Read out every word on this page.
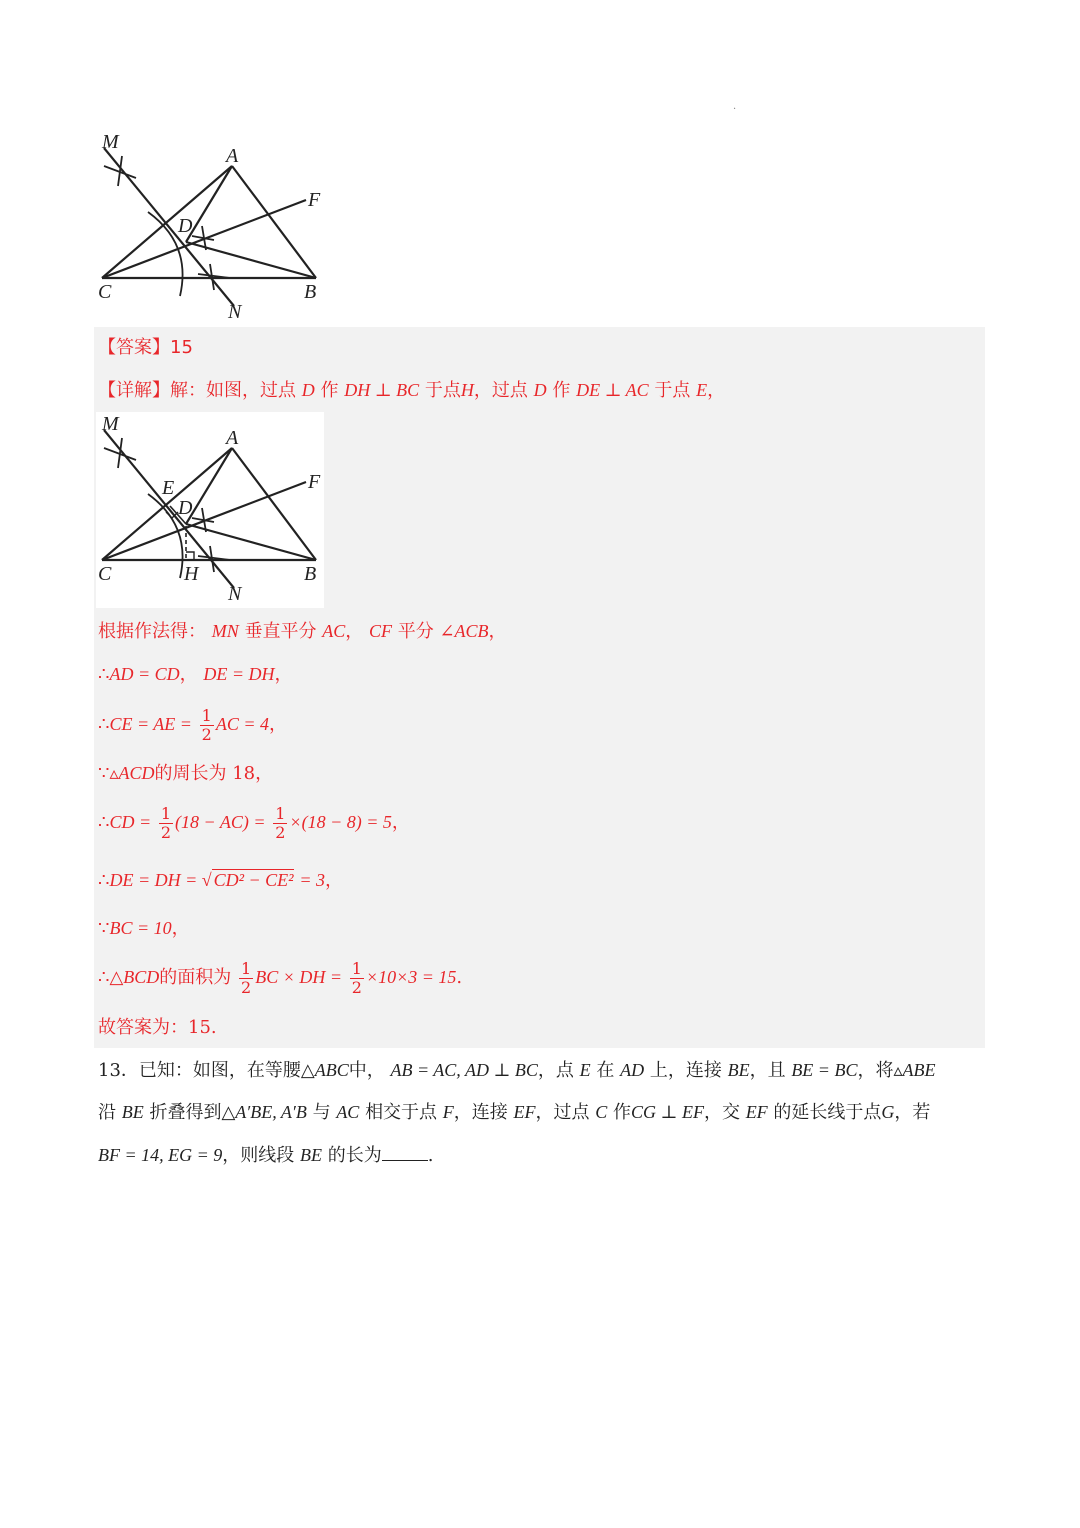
·
M
A
F
D
C	B
N
【答案】15
【详解】解：如图，过点 D 作 DH ⊥ BC 于点H，过点 D 作 DE ⊥ AC 于点 E，
M
A
F
E
D
C	H	B
N
根据作法得： MN 垂直平分 AC， CF 平分 ∠ACB，
∴AD = CD， DE = DH，
∴CE = AE = $\frac{1}{2}$ AC = 4，
∵▵ACD的周长为 18，
∴CD = $\frac{1}{2} (18 - AC) = \frac{1}{2} \times(18 - 8) = 5$，
∴DE = DH = √ CD² − CE² = 3，
∵BC = 10，
∴△BCD的面积为 $\frac{1}{2}$ BC × DH = $\frac{1}{2} \times 10\times 3 = 15$.
故答案为：15.
13．已知：如图，在等腰△ABC中， AB = AC, AD ⊥ BC，点 E 在 AD 上，连接 BE，且 BE = BC，将▵ABE
沿 BE 折叠得到△A′BE, A′B 与 AC 相交于点 F，连接 EF，过点 C 作CG ⊥ EF，交 EF 的延长线于点G，若
BF = 14, EG = 9，则线段 BE 的长为	.
